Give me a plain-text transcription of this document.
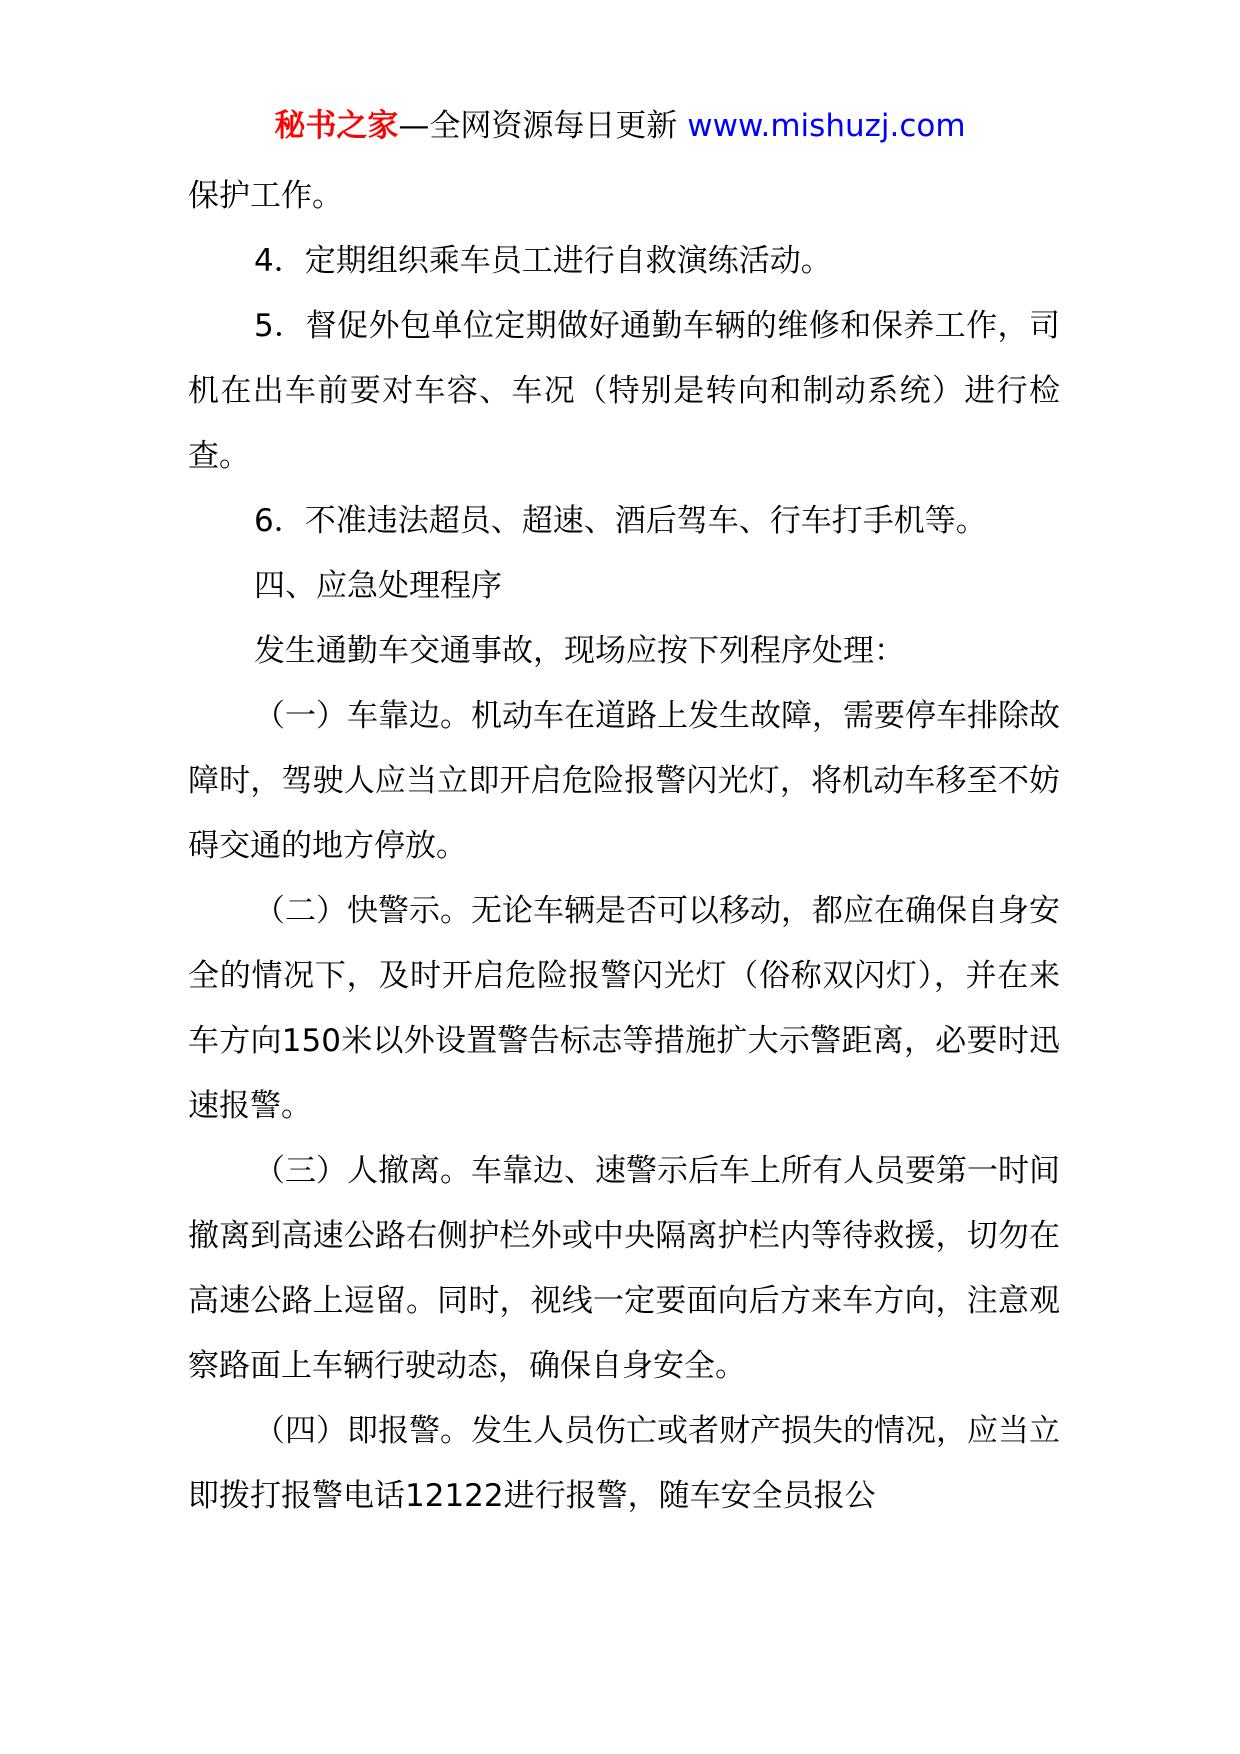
秘书之家—全网资源每日更新 www.mishuzj.com

保护工作。

4．定期组织乘车员工进行自救演练活动。

5．督促外包单位定期做好通勤车辆的维修和保养工作，司机在出车前要对车容、车况（特别是转向和制动系统）进行检查。

6．不准违法超员、超速、酒后驾车、行车打手机等。

四、应急处理程序

发生通勤车交通事故，现场应按下列程序处理：

（一）车靠边。机动车在道路上发生故障，需要停车排除故障时，驾驶人应当立即开启危险报警闪光灯，将机动车移至不妨碍交通的地方停放。

（二）快警示。无论车辆是否可以移动，都应在确保自身安全的情况下，及时开启危险报警闪光灯（俗称双闪灯），并在来车方向150米以外设置警告标志等措施扩大示警距离，必要时迅速报警。

（三）人撤离。车靠边、速警示后车上所有人员要第一时间撤离到高速公路右侧护栏外或中央隔离护栏内等待救援，切勿在高速公路上逗留。同时，视线一定要面向后方来车方向，注意观察路面上车辆行驶动态，确保自身安全。

（四）即报警。发生人员伤亡或者财产损失的情况，应当立即拨打报警电话12122进行报警，随车安全员报公
